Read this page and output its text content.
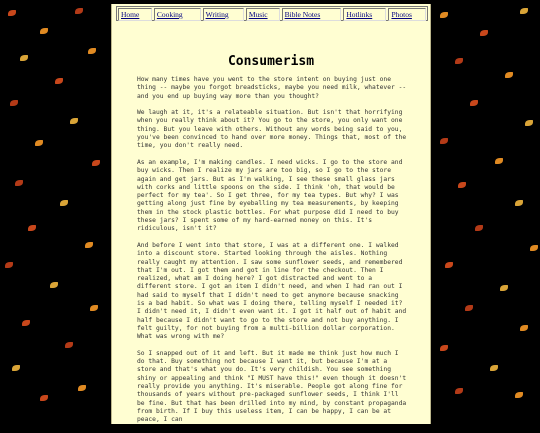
Home	Cooking	Writing	Music	Bible Notes	Hotlinks	Photos
Consumerism

How many times have you went to the store intent on buying just one thing -- maybe you forgot breadsticks, maybe you need milk, whatever -- and you end up buying way more than you thought?

We laugh at it, it's a relateable situation. But isn't that horrifying when you really think about it? You go to the store, you only want one thing. But you leave with others. Without any words being said to you, you've been convinced to hand over more money. Things that, most of the time, you don't really need.

As an example, I'm making candles. I need wicks. I go to the store and buy wicks. Then I realize my jars are too big, so I go to the store again and get jars. But as I'm walking, I see these small glass jars with corks and little spoons on the side. I think 'oh, that would be perfect for my tea'. So I get three, for my tea types. But why? I was getting along just fine by eyeballing my tea measurements, by keeping them in the stock plastic bottles. For what purpose did I need to buy these jars? I spent some of my hard-earned money on this. It's ridiculous, isn't it?

And before I went into that store, I was at a different one. I walked into a discount store. Started looking through the aisles. Nothing really caught my attention. I saw some sunflower seeds, and remembered that I'm out. I got them and got in line for the checkout. Then I realized, what am I doing here? I got distracted and went to a different store. I got an item I didn't need, and when I had ran out I had said to myself that I didn't need to get anymore because snacking is a bad habit. So what was I doing there, telling myself I needed it? I didn't need it, I didn't even want it. I got it half out of habit and half because I didn't want to go to the store and not buy anything. I felt guilty, for not buying from a multi-billion dollar corporation. What was wrong with me?

So I snapped out of it and left. But it made me think just how much I do that. Buy something not because I want it, but because I'm at a store and that's what you do. It's very childish. You see something shiny or appealing and think "I MUST have this!" even though it doesn't really provide you anything. It's miserable. People got along fine for thousands of years without pre-packaged sunflower seeds, I think I'll be fine. But that has been drilled into my mind, by constant propaganda from birth. If I buy this useless item, I can be happy, I can be at peace, I can
